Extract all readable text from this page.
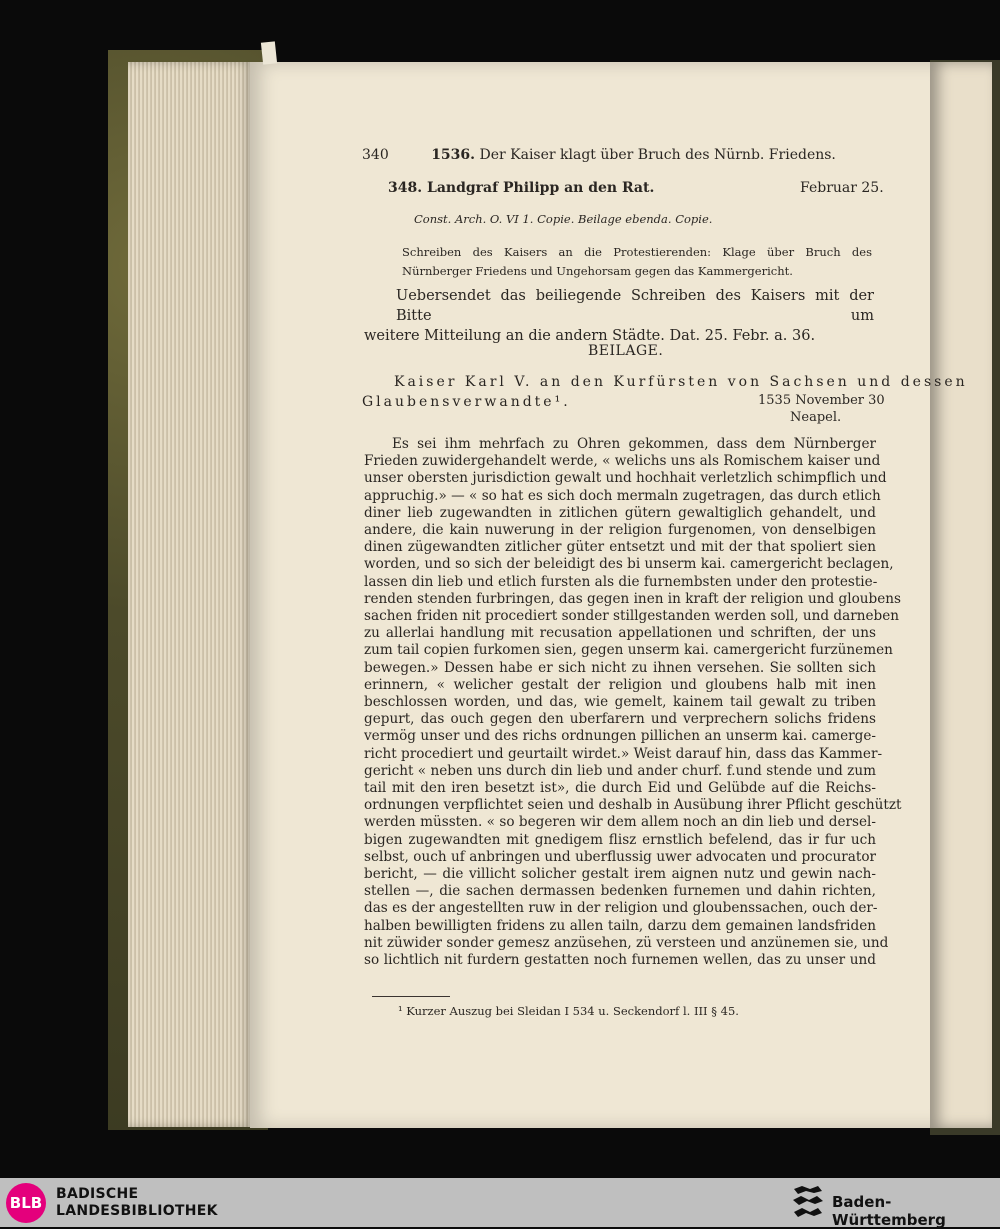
340	1536. Der Kaiser klagt über Bruch des Nürnb. Friedens.
348. Landgraf Philipp an den Rat.	Februar 25.
Const. Arch. O. VI 1. Copie. Beilage ebenda. Copie.
Schreiben des Kaisers an die Protestierenden: Klage über Bruch des Nürnberger Friedens und Ungehorsam gegen das Kammergericht.
Uebersendet das beiliegende Schreiben des Kaisers mit der Bitte um
weitere Mitteilung an die andern Städte. Dat. 25. Febr. a. 36.
BEILAGE.
Kaiser Karl V. an den Kurfürsten von Sachsen und dessen
Glaubensverwandte¹.	1535 November 30
Neapel.
Es sei ihm mehrfach zu Ohren gekommen, dass dem Nürnberger
Frieden zuwidergehandelt werde, « welichs uns als Romischem kaiser und
unser obersten jurisdiction gewalt und hochhait verletzlich schimpflich und
appruchig.» — « so hat es sich doch mermaln zugetragen, das durch etlich
diner lieb zugewandten in zitlichen gütern gewaltiglich gehandelt, und
andere, die kain nuwerung in der religion furgenomen, von denselbigen
dinen zügewandten zitlicher güter entsetzt und mit der that spoliert sien
worden, und so sich der beleidigt des bi unserm kai. camergericht beclagen,
lassen din lieb und etlich fursten als die furnembsten under den protestie-
renden stenden furbringen, das gegen inen in kraft der religion und gloubens
sachen friden nit procediert sonder stillgestanden werden soll, und darneben
zu allerlai handlung mit recusation appellationen und schriften, der uns
zum tail copien furkomen sien, gegen unserm kai. camergericht furzünemen
bewegen.» Dessen habe er sich nicht zu ihnen versehen. Sie sollten sich
erinnern, « welicher gestalt der religion und gloubens halb mit inen
beschlossen worden, und das, wie gemelt, kainem tail gewalt zu triben
gepurt, das ouch gegen den uberfarern und verprechern solichs fridens
vermög unser und des richs ordnungen pillichen an unserm kai. camerge-
richt procediert und geurtailt wirdet.» Weist darauf hin, dass das Kammer-
gericht « neben uns durch din lieb und ander churf. f.und stende und zum
tail mit den iren besetzt ist», die durch Eid und Gelübde auf die Reichs-
ordnungen verpflichtet seien und deshalb in Ausübung ihrer Pflicht geschützt
werden müssten. « so begeren wir dem allem noch an din lieb und dersel-
bigen zugewandten mit gnedigem flisz ernstlich befelend, das ir fur uch
selbst, ouch uf anbringen und uberflussig uwer advocaten und procurator
bericht, — die villicht solicher gestalt irem aignen nutz und gewin nach-
stellen —, die sachen dermassen bedenken furnemen und dahin richten,
das es der angestellten ruw in der religion und gloubenssachen, ouch der-
halben bewilligten fridens zu allen tailn, darzu dem gemainen landsfriden
nit züwider sonder gemesz anzüsehen, zü versteen und anzünemen sie, und
so lichtlich nit furdern gestatten noch furnemen wellen, das zu unser und
¹ Kurzer Auszug bei Sleidan I 534 u. Seckendorf l. III § 45.
BLB BADISCHE
LANDESBIBLIOTHEK	Baden-Württemberg
